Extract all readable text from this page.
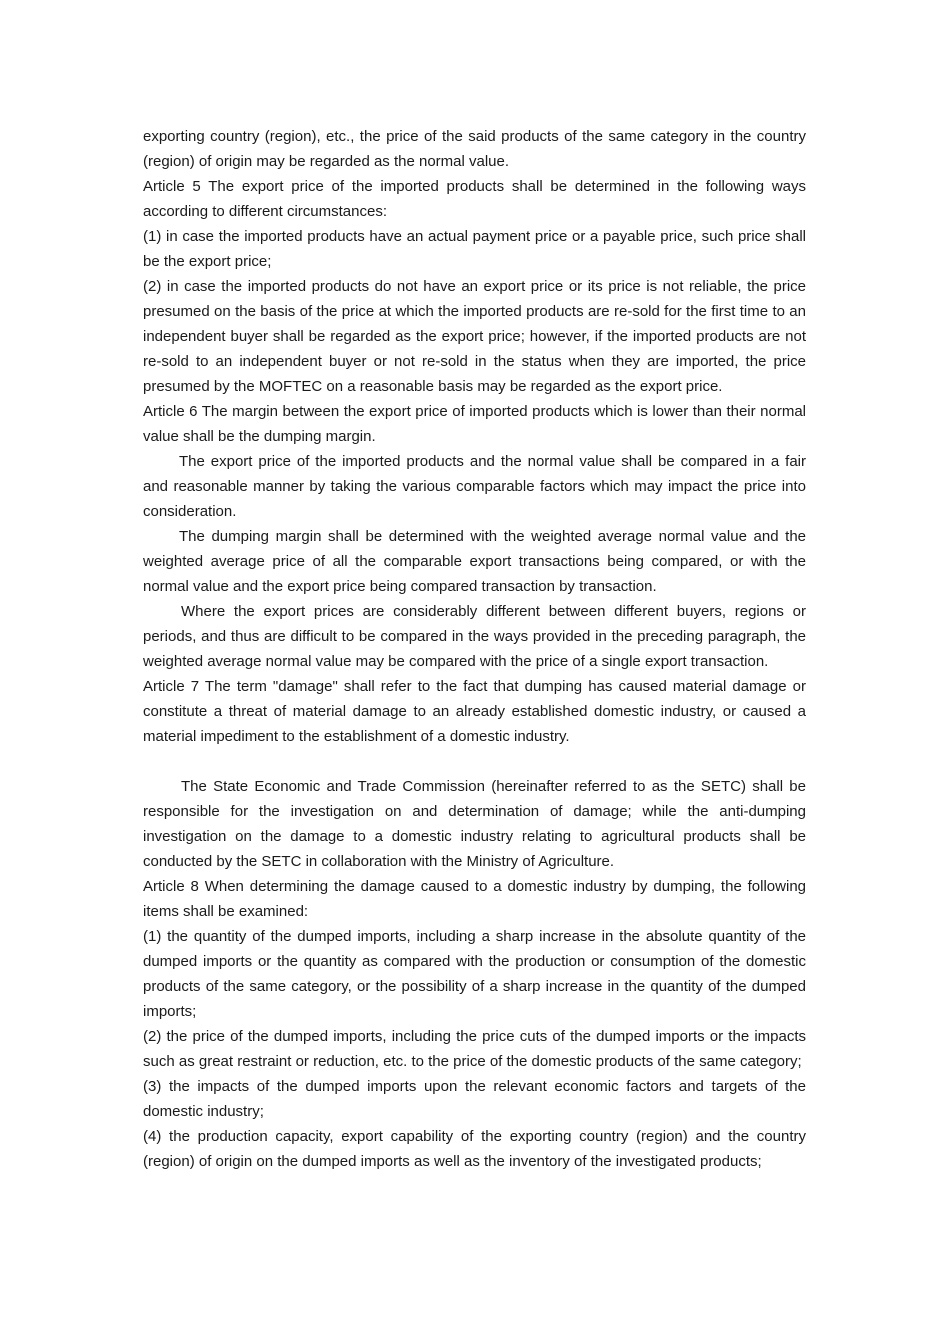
exporting country (region), etc., the price of the said products of the same category in the country (region) of origin may be regarded as the normal value.

Article 5 The export price of the imported products shall be determined in the following ways according to different circumstances:

(1) in case the imported products have an actual payment price or a payable price, such price shall be the export price;

(2) in case the imported products do not have an export price or its price is not reliable, the price presumed on the basis of the price at which the imported products are re-sold for the first time to an independent buyer shall be regarded as the export price; however, if the imported products are not re-sold to an independent buyer or not re-sold in the status when they are imported, the price presumed by the MOFTEC on a reasonable basis may be regarded as the export price.

Article 6 The margin between the export price of imported products which is lower than their normal value shall be the dumping margin.

The export price of the imported products and the normal value shall be compared in a fair and reasonable manner by taking the various comparable factors which may impact the price into consideration.

The dumping margin shall be determined with the weighted average normal value and the weighted average price of all the comparable export transactions being compared, or with the normal value and the export price being compared transaction by transaction.

Where the export prices are considerably different between different buyers, regions or periods, and thus are difficult to be compared in the ways provided in the preceding paragraph, the weighted average normal value may be compared with the price of a single export transaction.

Article 7 The term "damage" shall refer to the fact that dumping has caused material damage or constitute a threat of material damage to an already established domestic industry, or caused a material impediment to the establishment of a domestic industry.

The State Economic and Trade Commission (hereinafter referred to as the SETC) shall be responsible for the investigation on and determination of damage; while the anti-dumping investigation on the damage to a domestic industry relating to agricultural products shall be conducted by the SETC in collaboration with the Ministry of Agriculture.

Article 8 When determining the damage caused to a domestic industry by dumping, the following items shall be examined:

(1) the quantity of the dumped imports, including a sharp increase in the absolute quantity of the dumped imports or the quantity as compared with the production or consumption of the domestic products of the same category, or the possibility of a sharp increase in the quantity of the dumped imports;

(2) the price of the dumped imports, including the price cuts of the dumped imports or the impacts such as great restraint or reduction, etc. to the price of the domestic products of the same category;

(3) the impacts of the dumped imports upon the relevant economic factors and targets of the domestic industry;

(4) the production capacity, export capability of the exporting country (region) and the country (region) of origin on the dumped imports as well as the inventory of the investigated products;
